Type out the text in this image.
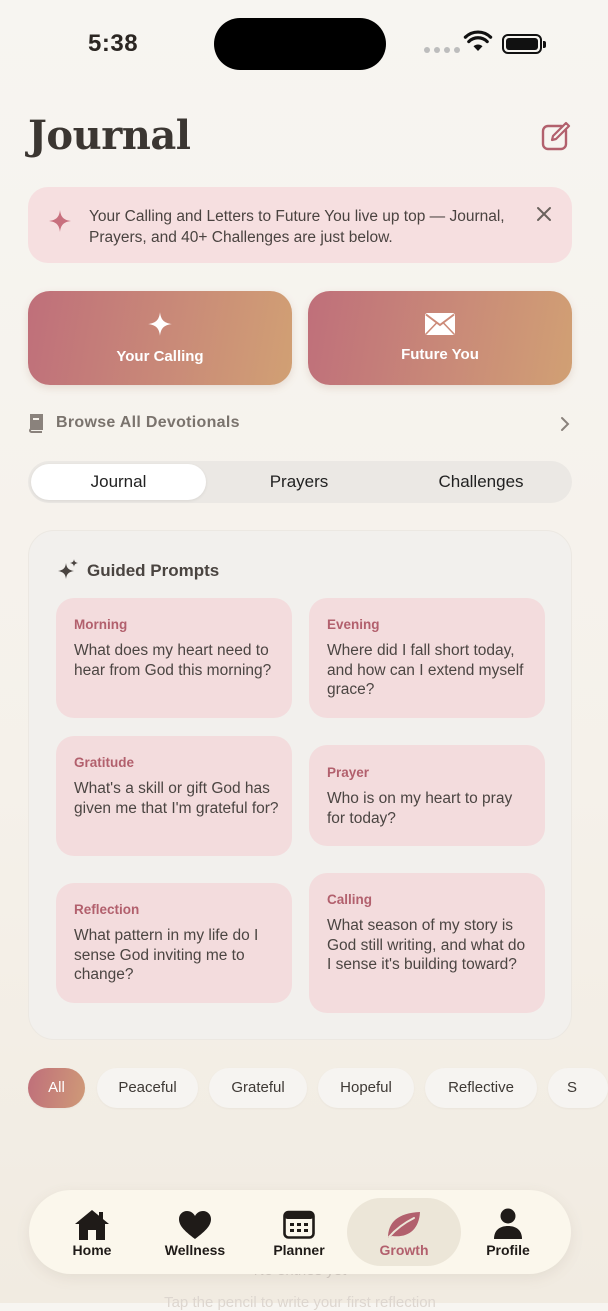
5:38
Journal
Your Calling and Letters to Future You live up top — Journal, Prayers, and 40+ Challenges are just below.
Your Calling	Future You
Browse All Devotionals
Journal	Prayers	Challenges
Guided Prompts
Morning
What does my heart need to hear from God this morning?
Evening
Where did I fall short today, and how can I extend myself grace?
Gratitude
What's a skill or gift God has given me that I'm grateful for?
Prayer
Who is on my heart to pray for today?
Reflection
What pattern in my life do I sense God inviting me to change?
Calling
What season of my story is God still writing, and what do I sense it's building toward?
All	Peaceful	Grateful	Hopeful	Reflective	S
Tap the pencil to write your first reflection
Home	Wellness	Planner	Growth	Profile
